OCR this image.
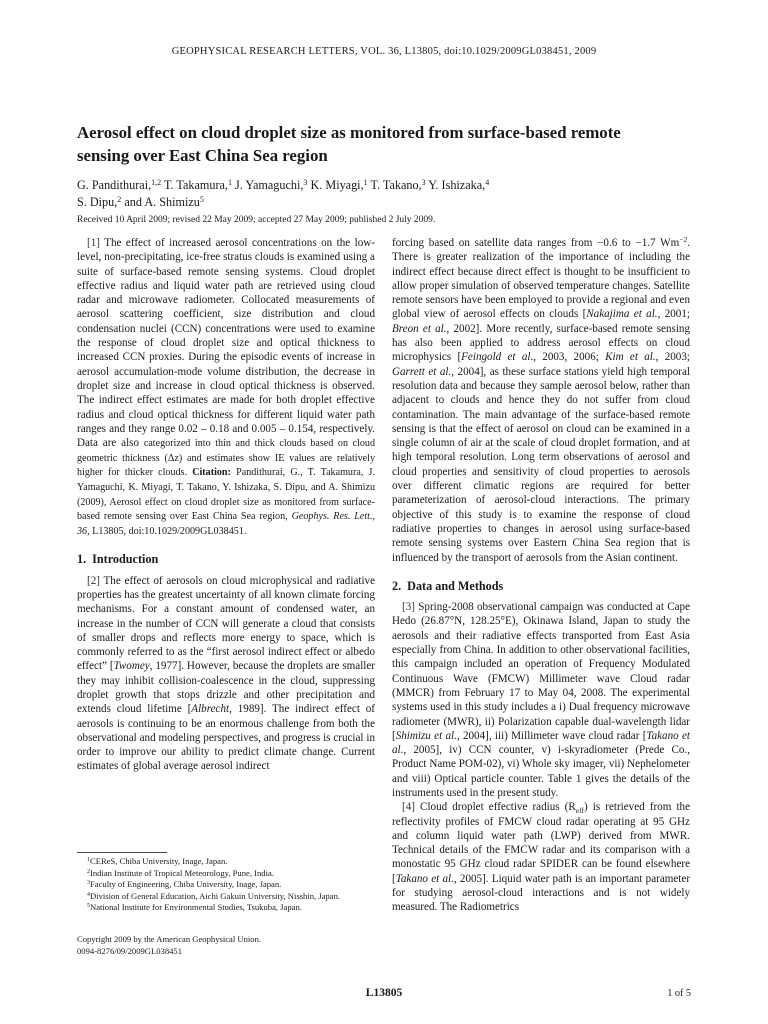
GEOPHYSICAL RESEARCH LETTERS, VOL. 36, L13805, doi:10.1029/2009GL038451, 2009
Aerosol effect on cloud droplet size as monitored from surface-based remote sensing over East China Sea region
G. Pandithurai,$^{1,2}$ T. Takamura,$^1$ J. Yamaguchi,$^3$ K. Miyagi,$^1$ T. Takano,$^3$ Y. Ishizaka,$^4$
S. Dipu,$^2$ and A. Shimizu$^5$
Received 10 April 2009; revised 22 May 2009; accepted 27 May 2009; published 2 July 2009.

[1] The effect of increased aerosol concentrations on the low-level, non-precipitating, ice-free stratus clouds is examined using a suite of surface-based remote sensing systems. Cloud droplet effective radius and liquid water path are retrieved using cloud radar and microwave radiometer. Collocated measurements of aerosol scattering coefficient, size distribution and cloud condensation nuclei (CCN) concentrations were used to examine the response of cloud droplet size and optical thickness to increased CCN proxies. During the episodic events of increase in aerosol accumulation-mode volume distribution, the decrease in droplet size and increase in cloud optical thickness is observed. The indirect effect estimates are made for both droplet effective radius and cloud optical thickness for different liquid water path ranges and they range 0.02 – 0.18 and 0.005 – 0.154, respectively. Data are also categorized into thin and thick clouds based on cloud geometric thickness (Δz) and estimates show IE values are relatively higher for thicker clouds. Citation: Pandithurai, G., T. Takamura, J. Yamaguchi, K. Miyagi, T. Takano, Y. Ishizaka, S. Dipu, and A. Shimizu (2009), Aerosol effect on cloud droplet size as monitored from surface-based remote sensing over East China Sea region, Geophys. Res. Lett., 36, L13805, doi:10.1029/2009GL038451.

1. Introduction

[2] The effect of aerosols on cloud microphysical and radiative properties has the greatest uncertainty of all known climate forcing mechanisms. For a constant amount of condensed water, an increase in the number of CCN will generate a cloud that consists of smaller drops and reflects more energy to space, which is commonly referred to as the “first aerosol indirect effect or albedo effect” [Twomey, 1977]. However, because the droplets are smaller they may inhibit collision-coalescence in the cloud, suppressing droplet growth that stops drizzle and other precipitation and extends cloud lifetime [Albrecht, 1989]. The indirect effect of aerosols is continuing to be an enormous challenge from both the observational and modeling perspectives, and progress is crucial in order to improve our ability to predict climate change. Current estimates of global average aerosol indirect

$^1$CEReS, Chiba University, Inage, Japan.
$^2$Indian Institute of Tropical Meteorology, Pune, India.
$^3$Faculty of Engineering, Chiba University, Inage, Japan.
$^4$Division of General Education, Aichi Gakuin University, Nisshin, Japan.
$^5$National Institute for Environmental Studies, Tsukuba, Japan.
Copyright 2009 by the American Geophysical Union.
0094-8276/09/2009GL038451

forcing based on satellite data ranges from −0.6 to −1.7 $Wm^{-2}$. There is greater realization of the importance of including the indirect effect because direct effect is thought to be insufficient to allow proper simulation of observed temperature changes. Satellite remote sensors have been employed to provide a regional and even global view of aerosol effects on clouds [Nakajima et al., 2001; Breon et al., 2002]. More recently, surface-based remote sensing has also been applied to address aerosol effects on cloud microphysics [Feingold et al., 2003, 2006; Kim et al., 2003; Garrett et al., 2004], as these surface stations yield high temporal resolution data and because they sample aerosol below, rather than adjacent to clouds and hence they do not suffer from cloud contamination. The main advantage of the surface-based remote sensing is that the effect of aerosol on cloud can be examined in a single column of air at the scale of cloud droplet formation, and at high temporal resolution. Long term observations of aerosol and cloud properties and sensitivity of cloud properties to aerosols over different climatic regions are required for better parameterization of aerosol-cloud interactions. The primary objective of this study is to examine the response of cloud radiative properties to changes in aerosol using surface-based remote sensing systems over Eastern China Sea region that is influenced by the transport of aerosols from the Asian continent.

2. Data and Methods

[3] Spring-2008 observational campaign was conducted at Cape Hedo (26.87°N, 128.25°E), Okinawa Island, Japan to study the aerosols and their radiative effects transported from East Asia especially from China. In addition to other observational facilities, this campaign included an operation of Frequency Modulated Continuous Wave (FMCW) Millimeter wave Cloud radar (MMCR) from February 17 to May 04, 2008. The experimental systems used in this study includes a i) Dual frequency microwave radiometer (MWR), ii) Polarization capable dual-wavelength lidar [Shimizu et al., 2004], iii) Millimeter wave cloud radar [Takano et al., 2005], iv) CCN counter, v) i-skyradiometer (Prede Co., Product Name POM-02), vi) Whole sky imager, vii) Nephelometer and viii) Optical particle counter. Table 1 gives the details of the instruments used in the present study.

[4] Cloud droplet effective radius $(R_{eff})$ is retrieved from the reflectivity profiles of FMCW cloud radar operating at 95 GHz and column liquid water path (LWP) derived from MWR. Technical details of the FMCW radar and its comparison with a monostatic 95 GHz cloud radar SPIDER can be found elsewhere [Takano et al., 2005]. Liquid water path is an important parameter for studying aerosol-cloud interactions and is not widely measured. The Radiometrics

L13805	1 of 5
